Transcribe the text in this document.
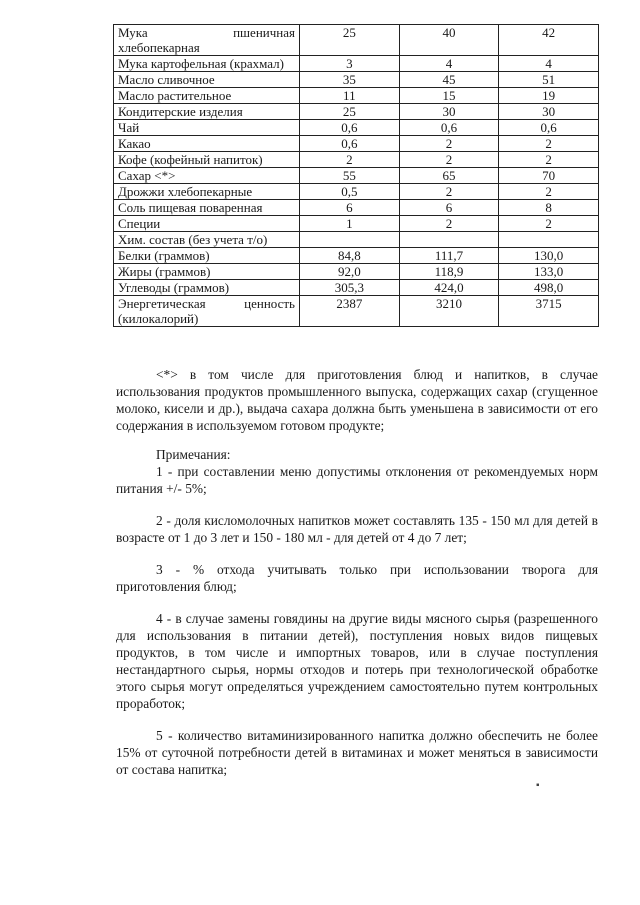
Мука пшеничная хлебопекарная	25	40	42
Мука картофельная (крахмал)	3	4	4
Масло сливочное	35	45	51
Масло растительное	11	15	19
Кондитерские изделия	25	30	30
Чай	0,6	0,6	0,6
Какао	0,6	2	2
Кофе (кофейный напиток)	2	2	2
Сахар <*>	55	65	70
Дрожжи хлебопекарные	0,5	2	2
Соль пищевая поваренная	6	6	8
Специи	1	2	2
Хим. состав (без учета т/о)			
Белки (граммов)	84,8	111,7	130,0
Жиры (граммов)	92,0	118,9	133,0
Углеводы (граммов)	305,3	424,0	498,0
Энергетическая ценность (килокалорий)	2387	3210	3715

<*> в том числе для приготовления блюд и напитков, в случае использования продуктов промышленного выпуска, содержащих сахар (сгущенное молоко, кисели и др.), выдача сахара должна быть уменьшена в зависимости от его содержания в используемом готовом продукте;

Примечания:

1 - при составлении меню допустимы отклонения от рекомендуемых норм питания +/- 5%;

2 - доля кисломолочных напитков может составлять 135 - 150 мл для детей в возрасте от 1 до 3 лет и 150 - 180 мл - для детей от 4 до 7 лет;

3 - % отхода учитывать только при использовании творога для приготовления блюд;

4 - в случае замены говядины на другие виды мясного сырья (разрешенного для использования в питании детей), поступления новых видов пищевых продуктов, в том числе и импортных товаров, или в случае поступления нестандартного сырья, нормы отходов и потерь при технологической обработке этого сырья могут определяться учреждением самостоятельно путем контрольных проработок;

5 - количество витаминизированного напитка должно обеспечить не более 15% от суточной потребности детей в витаминах и может меняться в зависимости от состава напитка;

▪
